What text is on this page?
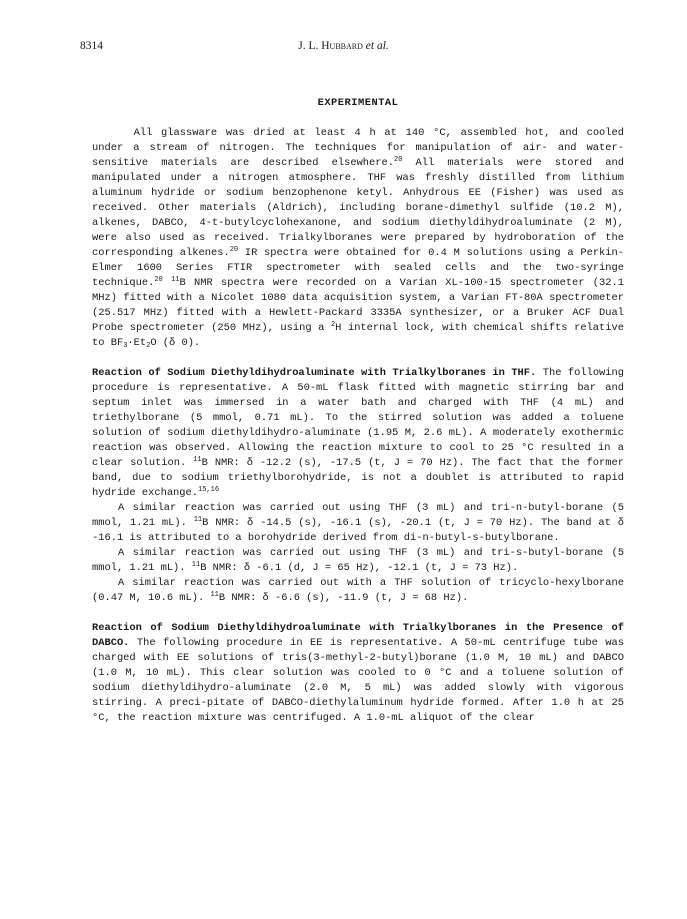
8314	J. L. Hubbard et al.
EXPERIMENTAL

All glassware was dried at least 4 h at 140 °C, assembled hot, and cooled under a stream of nitrogen. The techniques for manipulation of air- and water-sensitive materials are described elsewhere.$^{20}$ All materials were stored and manipulated under a nitrogen atmosphere. THF was freshly distilled from lithium aluminum hydride or sodium benzophenone ketyl. Anhydrous EE (Fisher) was used as received. Other materials (Aldrich), including borane-dimethyl sulfide (10.2 M), alkenes, DABCO, 4-t-butylcyclohexanone, and sodium diethyldihydroaluminate (2 M), were also used as received. Trialkylboranes were prepared by hydroboration of the corresponding alkenes.$^{20}$ IR spectra were obtained for 0.4 M solutions using a Perkin-Elmer 1600 Series FTIR spectrometer with sealed cells and the two-syringe technique.$^{20}$ $^{11}$B NMR spectra were recorded on a Varian XL-100-15 spectrometer (32.1 MHz) fitted with a Nicolet 1080 data acquisition system, a Varian FT-80A spectrometer (25.517 MHz) fitted with a Hewlett-Packard 3335A synthesizer, or a Bruker ACF Dual Probe spectrometer (250 MHz), using a $^2$H internal lock, with chemical shifts relative to $BF_3\cdot Et_2O$ (δ 0).

Reaction of Sodium Diethyldihydroaluminate with Trialkylboranes in THF. The following procedure is representative. A 50-mL flask fitted with magnetic stirring bar and septum inlet was immersed in a water bath and charged with THF (4 mL) and triethylborane (5 mmol, 0.71 mL). To the stirred solution was added a toluene solution of sodium diethyldihydro-aluminate (1.95 M, 2.6 mL). A moderately exothermic reaction was observed. Allowing the reaction mixture to cool to 25 °C resulted in a clear solution. $^{11}$B NMR: δ -12.2 (s), -17.5 (t, J = 70 Hz). The fact that the former band, due to sodium triethylborohydride, is not a doublet is attributed to rapid hydride exchange.$^{15,16}$

A similar reaction was carried out using THF (3 mL) and tri-n-butyl-borane (5 mmol, 1.21 mL). $^{11}$B NMR: δ -14.5 (s), -16.1 (s), -20.1 (t, J = 70 Hz). The band at δ -16.1 is attributed to a borohydride derived from di-n-butyl-s-butylborane.

A similar reaction was carried out using THF (3 mL) and tri-s-butyl-borane (5 mmol, 1.21 mL). $^{11}$B NMR: δ -6.1 (d, J = 65 Hz), -12.1 (t, J = 73 Hz).

A similar reaction was carried out with a THF solution of tricyclo-hexylborane (0.47 M, 10.6 mL). $^{11}$B NMR: δ -6.6 (s), -11.9 (t, J = 68 Hz).

Reaction of Sodium Diethyldihydroaluminate with Trialkylboranes in the Presence of DABCO. The following procedure in EE is representative. A 50-mL centrifuge tube was charged with EE solutions of tris(3-methyl-2-butyl)borane (1.0 M, 10 mL) and DABCO (1.0 M, 10 mL). This clear solution was cooled to 0 °C and a toluene solution of sodium diethyldihydro-aluminate (2.0 M, 5 mL) was added slowly with vigorous stirring. A preci-pitate of DABCO-diethylaluminum hydride formed. After 1.0 h at 25 °C, the reaction mixture was centrifuged. A 1.0-mL aliquot of the clear
